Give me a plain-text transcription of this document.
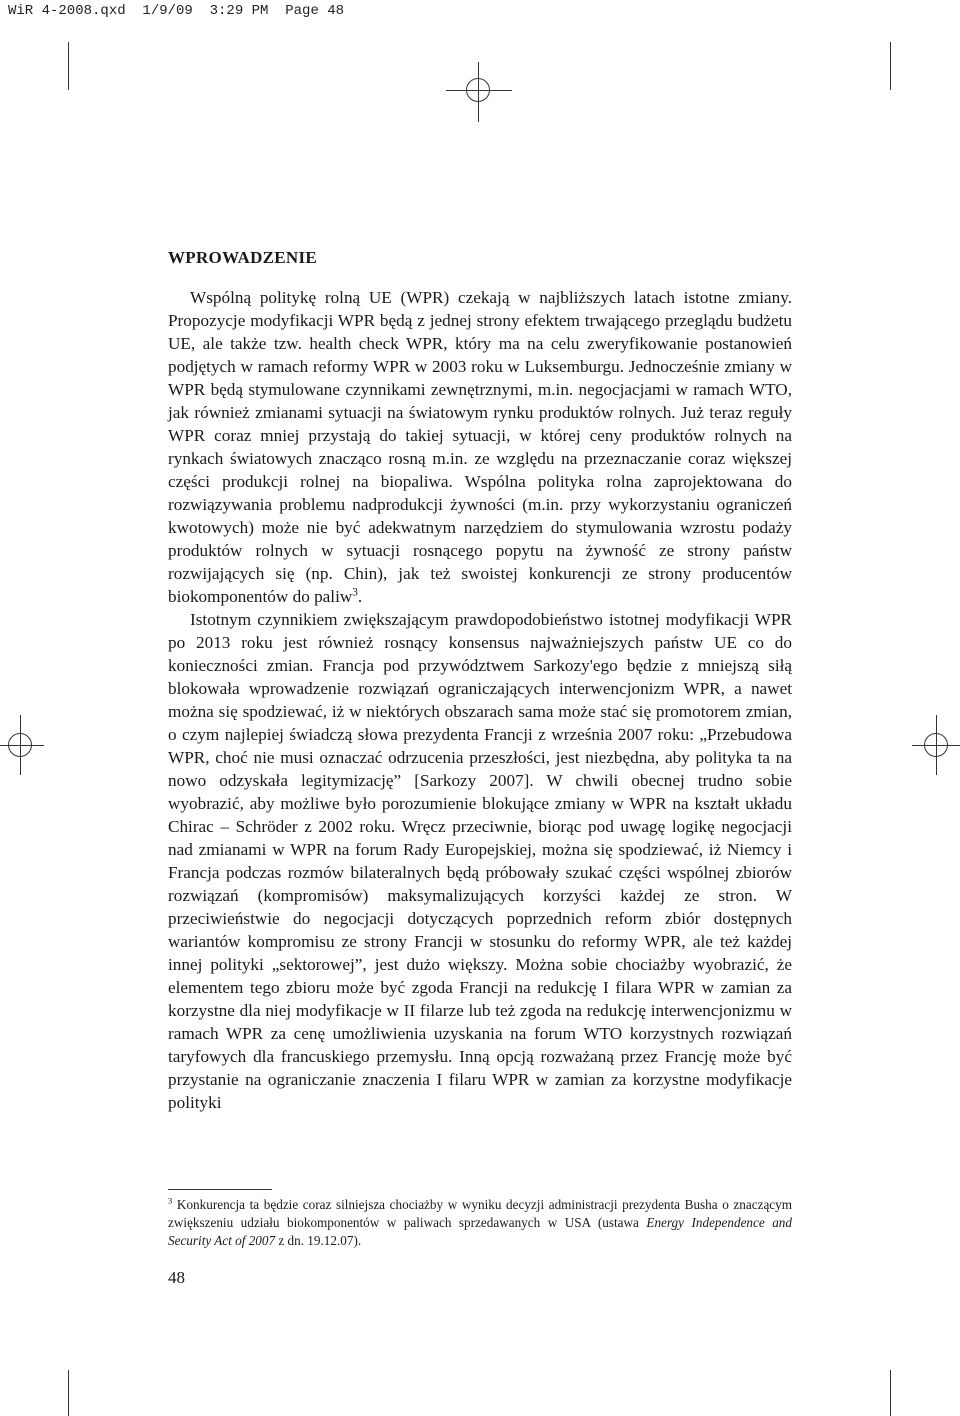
WiR 4-2008.qxd  1/9/09  3:29 PM  Page 48

WPROWADZENIE

Wspólną politykę rolną UE (WPR) czekają w najbliższych latach istotne zmiany. Propozycje modyfikacji WPR będą z jednej strony efektem trwającego przeglądu budżetu UE, ale także tzw. health check WPR, który ma na celu zweryfikowanie postanowień podjętych w ramach reformy WPR w 2003 roku w Luksemburgu. Jednocześnie zmiany w WPR będą stymulowane czynnikami zewnętrznymi, m.in. negocjacjami w ramach WTO, jak również zmianami sytuacji na światowym rynku produktów rolnych. Już teraz reguły WPR coraz mniej przystają do takiej sytuacji, w której ceny produktów rolnych na rynkach światowych znacząco rosną m.in. ze względu na przeznaczanie coraz większej części produkcji rolnej na biopaliwa. Wspólna polityka rolna zaprojektowana do rozwiązywania problemu nadprodukcji żywności (m.in. przy wykorzystaniu ograniczeń kwotowych) może nie być adekwatnym narzędziem do stymulowania wzrostu podaży produktów rolnych w sytuacji rosnącego popytu na żywność ze strony państw rozwijających się (np. Chin), jak też swoistej konkurencji ze strony producentów biokomponentów do paliw$^3$.

Istotnym czynnikiem zwiększającym prawdopodobieństwo istotnej modyfikacji WPR po 2013 roku jest również rosnący konsensus najważniejszych państw UE co do konieczności zmian. Francja pod przywództwem Sarkozy'ego będzie z mniejszą siłą blokowała wprowadzenie rozwiązań ograniczających interwencjonizm WPR, a nawet można się spodziewać, iż w niektórych obszarach sama może stać się promotorem zmian, o czym najlepiej świadczą słowa prezydenta Francji z września 2007 roku: „Przebudowa WPR, choć nie musi oznaczać odrzucenia przeszłości, jest niezbędna, aby polityka ta na nowo odzyskała legitymizację” [Sarkozy 2007]. W chwili obecnej trudno sobie wyobrazić, aby możliwe było porozumienie blokujące zmiany w WPR na kształt układu Chirac – Schröder z 2002 roku. Wręcz przeciwnie, biorąc pod uwagę logikę negocjacji nad zmianami w WPR na forum Rady Europejskiej, można się spodziewać, iż Niemcy i Francja podczas rozmów bilateralnych będą próbowały szukać części wspólnej zbiorów rozwiązań (kompromisów) maksymalizujących korzyści każdej ze stron. W przeciwieństwie do negocjacji dotyczących poprzednich reform zbiór dostępnych wariantów kompromisu ze strony Francji w stosunku do reformy WPR, ale też każdej innej polityki „sektorowej”, jest dużo większy. Można sobie chociażby wyobrazić, że elementem tego zbioru może być zgoda Francji na redukcję I filara WPR w zamian za korzystne dla niej modyfikacje w II filarze lub też zgoda na redukcję interwencjonizmu w ramach WPR za cenę umożliwienia uzyskania na forum WTO korzystnych rozwiązań taryfowych dla francuskiego przemysłu. Inną opcją rozważaną przez Francję może być przystanie na ograniczanie znaczenia I filaru WPR w zamian za korzystne modyfikacje polityki

$^3$ Konkurencja ta będzie coraz silniejsza chociażby w wyniku decyzji administracji prezydenta Busha o znaczącym zwiększeniu udziału biokomponentów w paliwach sprzedawanych w USA (ustawa Energy Independence and Security Act of 2007 z dn. 19.12.07).

48
